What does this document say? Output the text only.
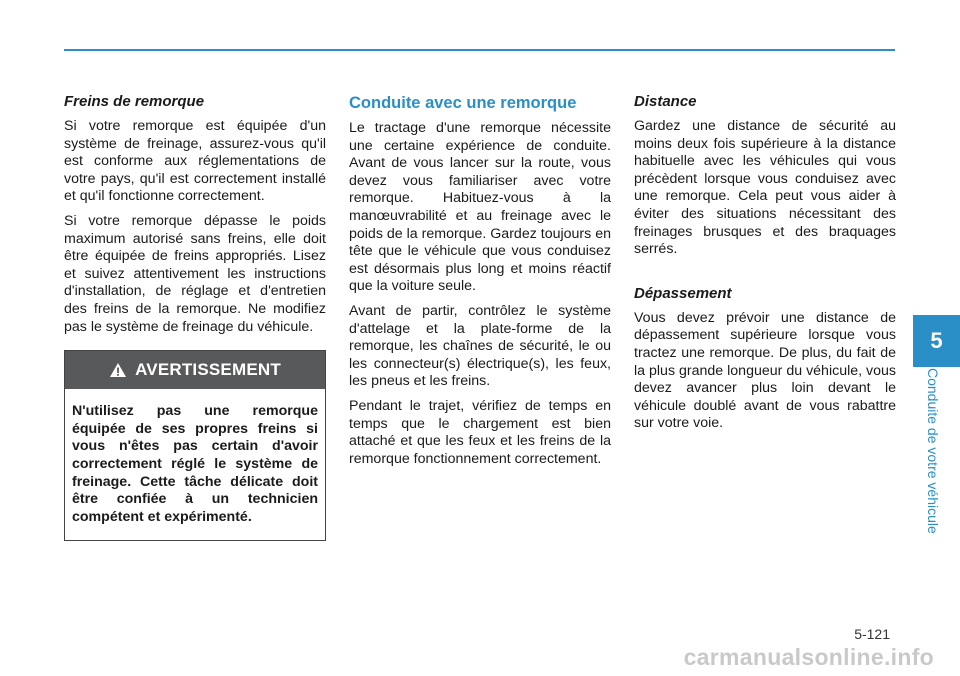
Freins de remorque

Si votre remorque est équipée d'un système de freinage, assurez-vous qu'il est conforme aux réglementations de votre pays, qu'il est correctement installé et qu'il fonctionne correctement.

Si votre remorque dépasse le poids maximum autorisé sans freins, elle doit être équipée de freins appropriés. Lisez et suivez attentivement les instructions d'installation, de réglage et d'entretien des freins de la remorque. Ne modifiez pas le système de freinage du véhicule.

AVERTISSEMENT
N'utilisez pas une remorque équipée de ses propres freins si vous n'êtes pas certain d'avoir correctement réglé le système de freinage. Cette tâche délicate doit être confiée à un technicien compétent et expérimenté.
Conduite avec une remorque

Le tractage d'une remorque nécessite une certaine expérience de conduite. Avant de vous lancer sur la route, vous devez vous familiariser avec votre remorque. Habituez-vous à la manœuvrabilité et au freinage avec le poids de la remorque. Gardez toujours en tête que le véhicule que vous conduisez est désormais plus long et moins réactif que la voiture seule.

Avant de partir, contrôlez le système d'attelage et la plate-forme de la remorque, les chaînes de sécurité, le ou les connecteur(s) électrique(s), les feux, les pneus et les freins.

Pendant le trajet, vérifiez de temps en temps que le chargement est bien attaché et que les feux et les freins de la remorque fonctionnement correctement.

Distance

Gardez une distance de sécurité au moins deux fois supérieure à la distance habituelle avec les véhicules qui vous précèdent lorsque vous conduisez avec une remorque. Cela peut vous aider à éviter des situations nécessitant des freinages brusques et des braquages serrés.

Dépassement

Vous devez prévoir une distance de dépassement supérieure lorsque vous tractez une remorque. De plus, du fait de la plus grande longueur du véhicule, vous devez avancer plus loin devant le véhicule doublé avant de vous rabattre sur votre voie.

5
Conduite de votre véhicule
5-121
carmanualsonline.info
